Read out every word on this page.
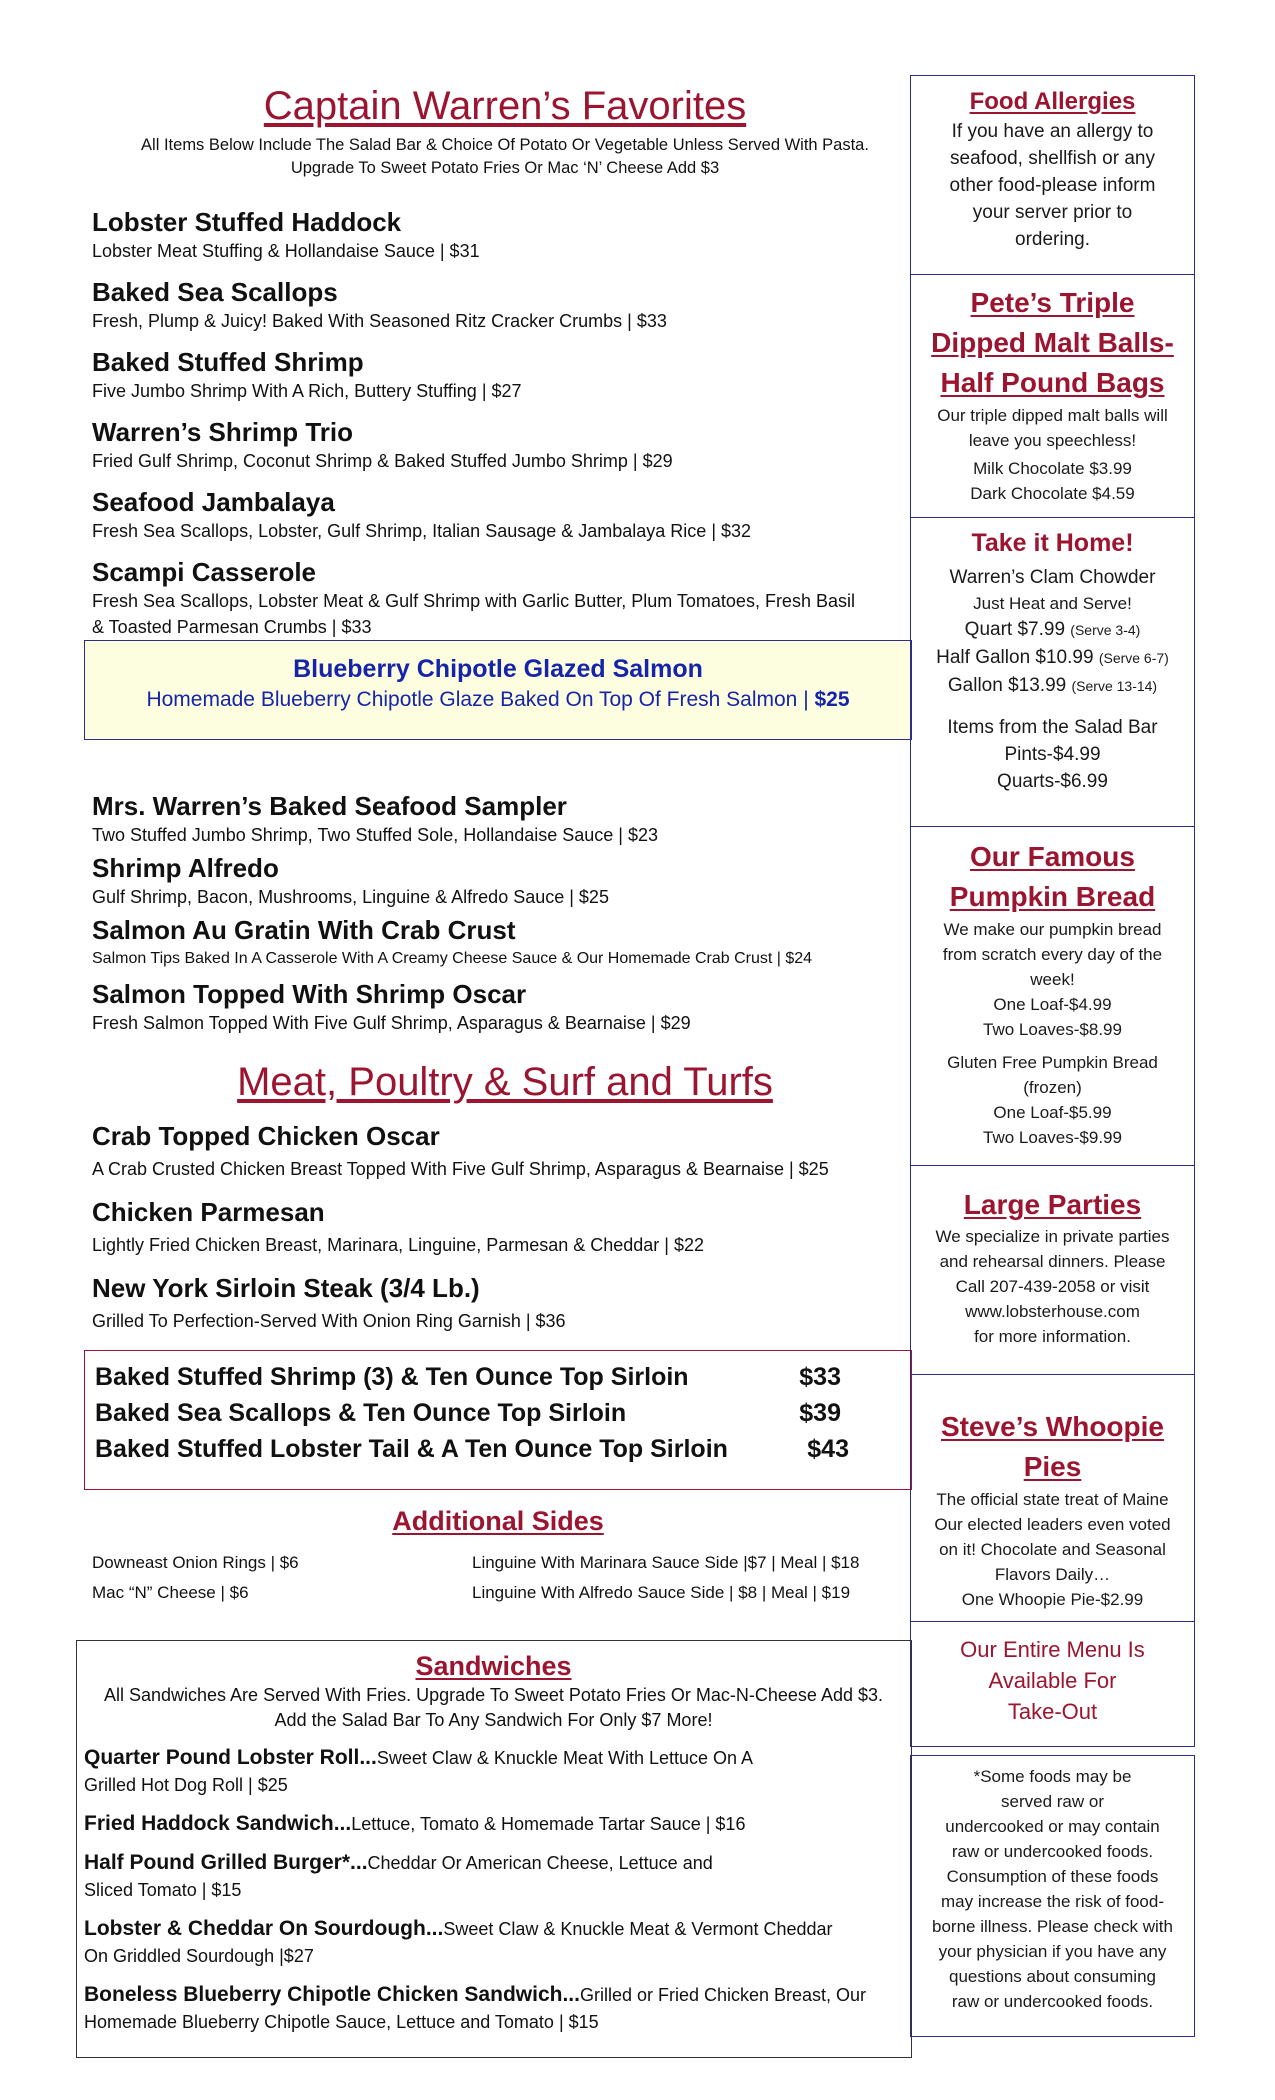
Captain Warren’s Favorites
All Items Below Include The Salad Bar & Choice Of Potato Or Vegetable Unless Served With Pasta.
Upgrade To Sweet Potato Fries Or Mac ‘N’ Cheese Add $3
Lobster Stuffed Haddock
Lobster Meat Stuffing & Hollandaise Sauce | $31
Baked Sea Scallops
Fresh, Plump & Juicy! Baked With Seasoned Ritz Cracker Crumbs | $33
Baked Stuffed Shrimp
Five Jumbo Shrimp With A Rich, Buttery Stuffing | $27
Warren’s Shrimp Trio
Fried Gulf Shrimp, Coconut Shrimp & Baked Stuffed Jumbo Shrimp | $29
Seafood Jambalaya
Fresh Sea Scallops, Lobster, Gulf Shrimp, Italian Sausage & Jambalaya Rice | $32
Scampi Casserole
Fresh Sea Scallops, Lobster Meat & Gulf Shrimp with Garlic Butter, Plum Tomatoes, Fresh Basil
& Toasted Parmesan Crumbs | $33
Blueberry Chipotle Glazed Salmon
Homemade Blueberry Chipotle Glaze Baked On Top Of Fresh Salmon | $25
Mrs. Warren’s Baked Seafood Sampler
Two Stuffed Jumbo Shrimp, Two Stuffed Sole, Hollandaise Sauce | $23
Shrimp Alfredo
Gulf Shrimp, Bacon, Mushrooms, Linguine & Alfredo Sauce | $25
Salmon Au Gratin With Crab Crust
Salmon Tips Baked In A Casserole With A Creamy Cheese Sauce & Our Homemade Crab Crust | $24
Salmon Topped With Shrimp Oscar
Fresh Salmon Topped With Five Gulf Shrimp, Asparagus & Bearnaise | $29
Meat, Poultry & Surf and Turfs
Crab Topped Chicken Oscar
A Crab Crusted Chicken Breast Topped With Five Gulf Shrimp, Asparagus & Bearnaise | $25
Chicken Parmesan
Lightly Fried Chicken Breast, Marinara, Linguine, Parmesan & Cheddar | $22
New York Sirloin Steak (3/4 Lb.)
Grilled To Perfection-Served With Onion Ring Garnish | $36
Baked Stuffed Shrimp (3) & Ten Ounce Top Sirloin	$33
Baked Sea Scallops & Ten Ounce Top Sirloin	$39
Baked Stuffed Lobster Tail & A Ten Ounce Top Sirloin	$43
Additional Sides
Downeast Onion Rings | $6
Mac “N” Cheese | $6
Linguine With Marinara Sauce Side |$7 | Meal | $18
Linguine With Alfredo Sauce Side | $8 | Meal | $19
Sandwiches
All Sandwiches Are Served With Fries. Upgrade To Sweet Potato Fries Or Mac-N-Cheese Add $3.
Add the Salad Bar To Any Sandwich For Only $7 More!
Quarter Pound Lobster Roll...Sweet Claw & Knuckle Meat With Lettuce On A
Grilled Hot Dog Roll | $25
Fried Haddock Sandwich...Lettuce, Tomato & Homemade Tartar Sauce | $16
Half Pound Grilled Burger*...Cheddar Or American Cheese, Lettuce and
Sliced Tomato | $15
Lobster & Cheddar On Sourdough...Sweet Claw & Knuckle Meat & Vermont Cheddar
On Griddled Sourdough |$27
Boneless Blueberry Chipotle Chicken Sandwich...Grilled or Fried Chicken Breast, Our
Homemade Blueberry Chipotle Sauce, Lettuce and Tomato | $15
Food Allergies
If you have an allergy to
seafood, shellfish or any
other food-please inform
your server prior to
ordering.
Pete’s Triple
Dipped Malt Balls-
Half Pound Bags
Our triple dipped malt balls will
leave you speechless!
Milk Chocolate $3.99
Dark Chocolate $4.59
Take it Home!
Warren’s Clam Chowder
Just Heat and Serve!
Quart $7.99 (Serve 3-4)
Half Gallon $10.99 (Serve 6-7)
Gallon $13.99 (Serve 13-14)
Items from the Salad Bar
Pints-$4.99
Quarts-$6.99
Our Famous
Pumpkin Bread
We make our pumpkin bread
from scratch every day of the
week!
One Loaf-$4.99
Two Loaves-$8.99
Gluten Free Pumpkin Bread
(frozen)
One Loaf-$5.99
Two Loaves-$9.99
Large Parties
We specialize in private parties
and rehearsal dinners. Please
Call 207-439-2058 or visit
www.lobsterhouse.com
for more information.
Steve’s Whoopie
Pies
The official state treat of Maine
Our elected leaders even voted
on it! Chocolate and Seasonal
Flavors Daily…
One Whoopie Pie-$2.99
Our Entire Menu Is
Available For
Take-Out
*Some foods may be
served raw or
undercooked or may contain
raw or undercooked foods.
Consumption of these foods
may increase the risk of food-
borne illness. Please check with
your physician if you have any
questions about consuming
raw or undercooked foods.
